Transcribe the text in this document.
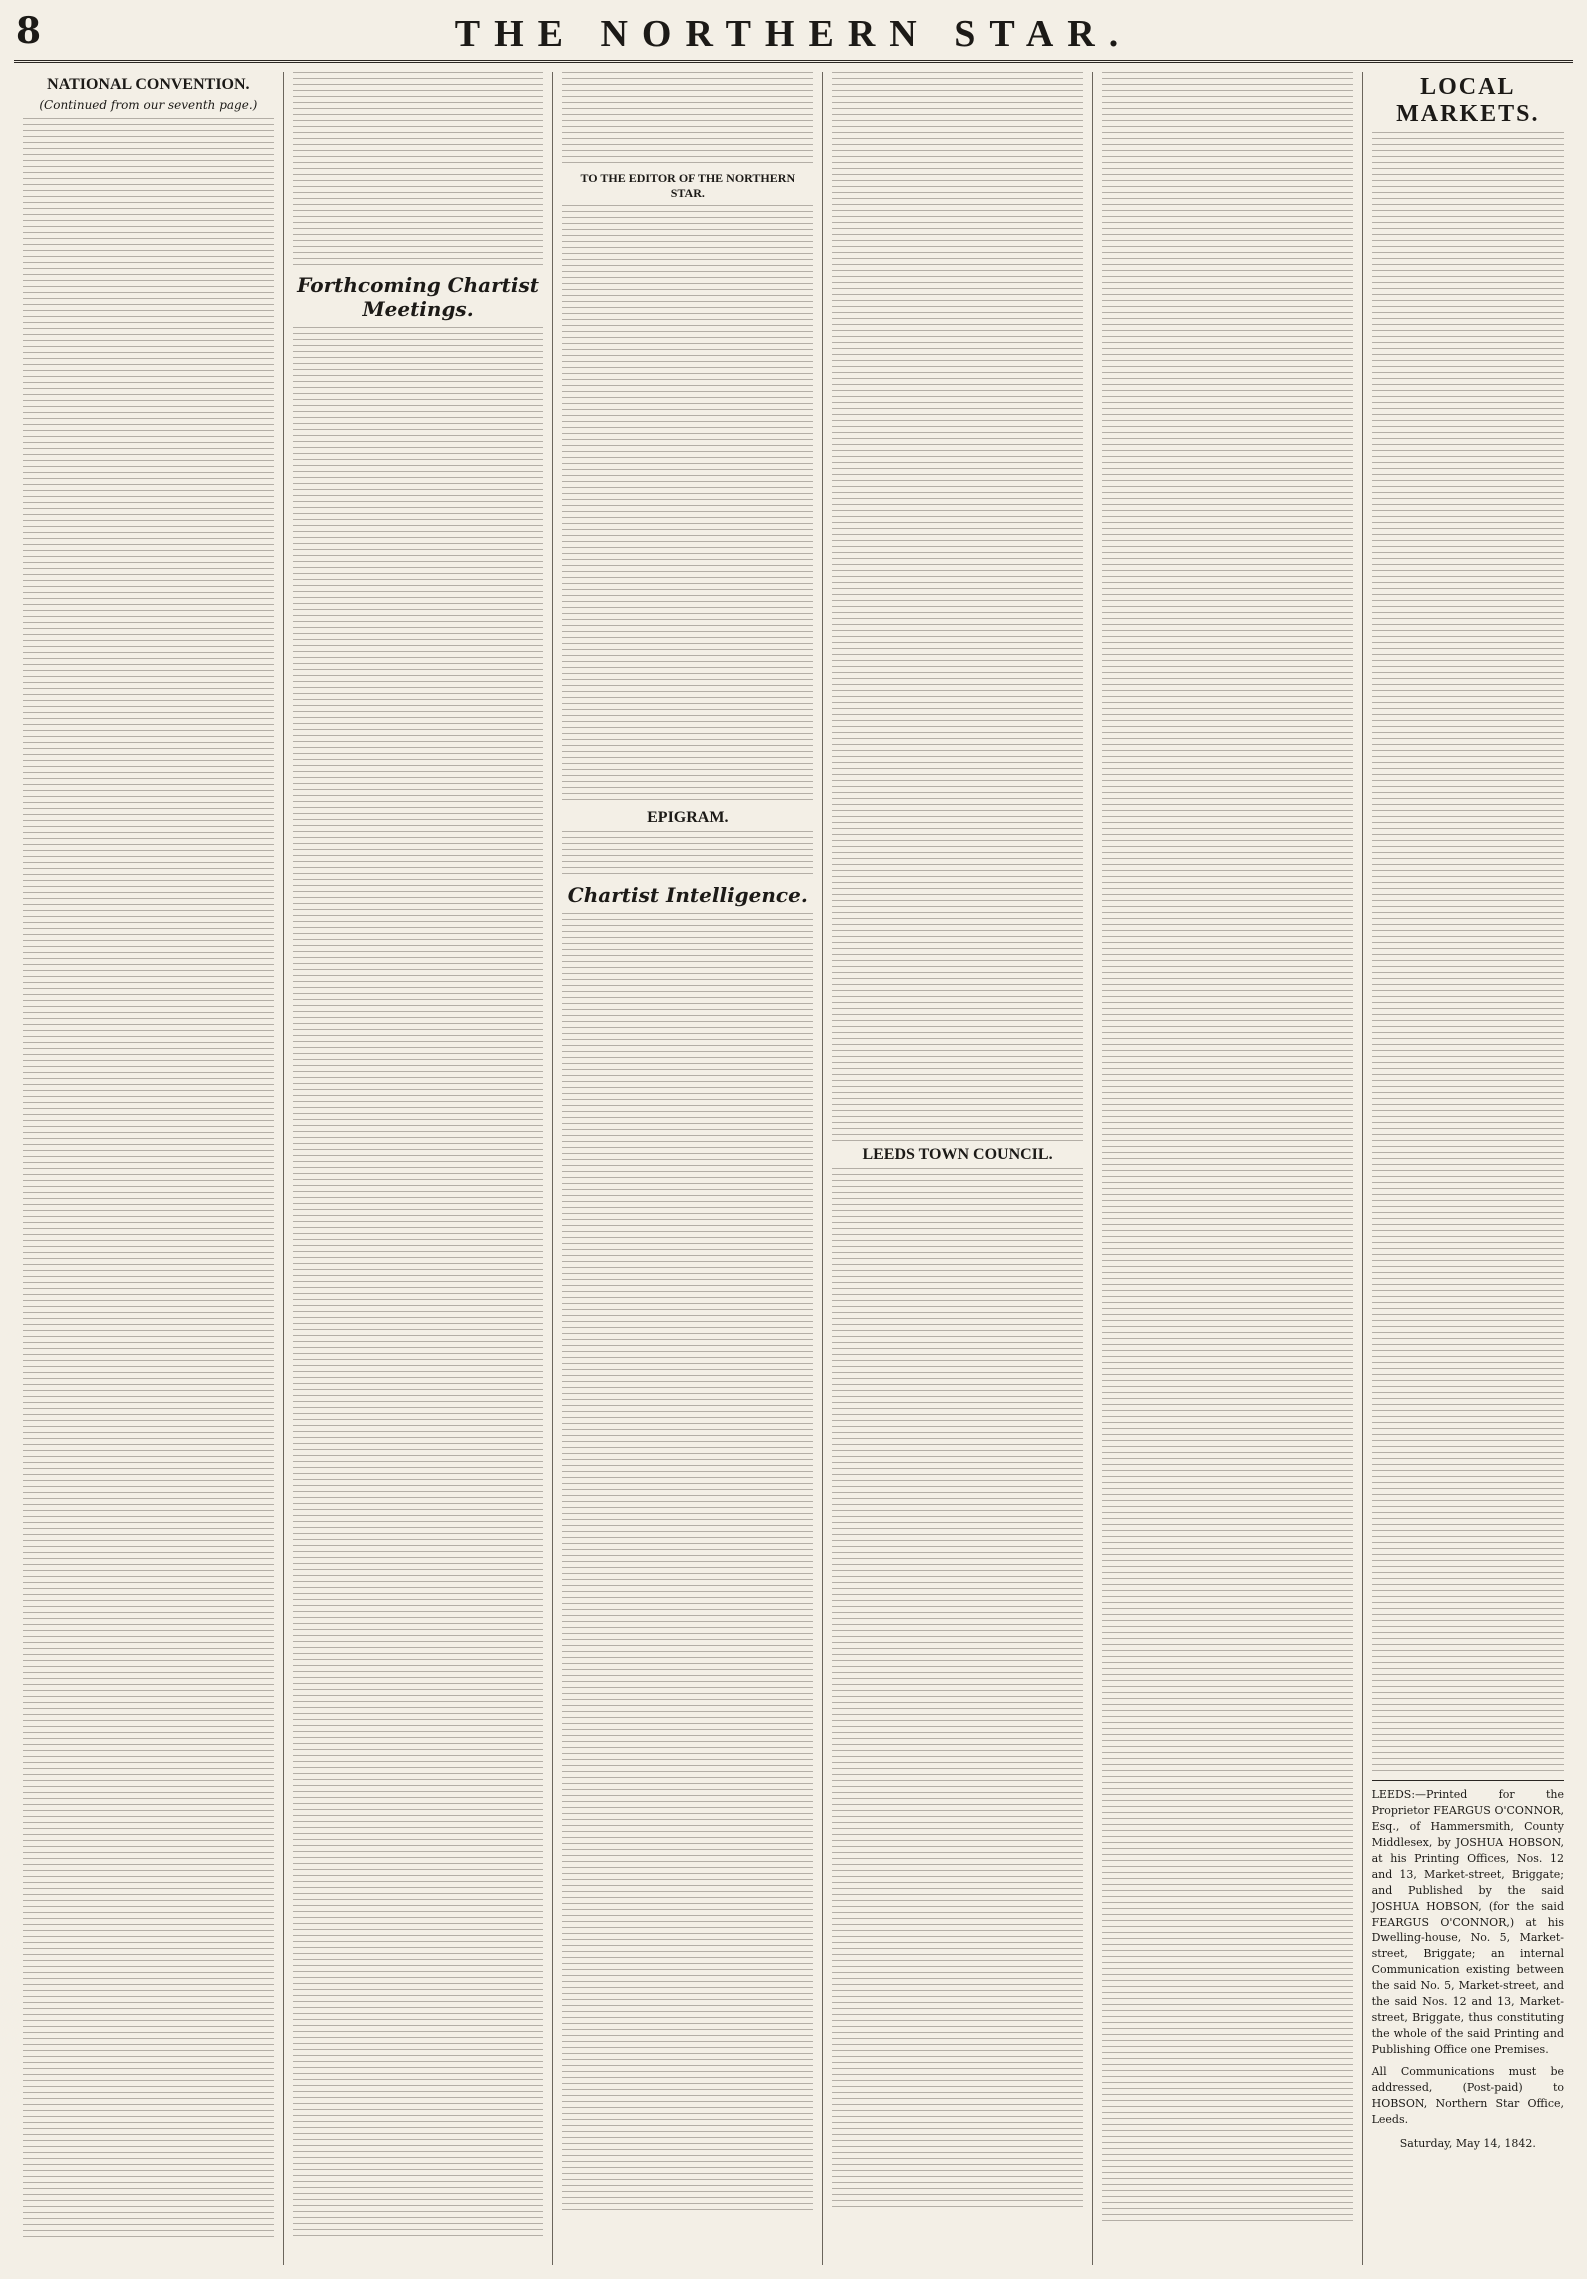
8	THE NORTHERN STAR.
NATIONAL CONVENTION.
(Continued from our seventh page.)
Forthcoming Chartist Meetings.
TO THE EDITOR OF THE NORTHERN STAR.
EPIGRAM.
Chartist Intelligence.
LEEDS TOWN COUNCIL.
LOCAL MARKETS.
LEEDS:—Printed for the Proprietor FEARGUS O'CONNOR, Esq., of Hammersmith, County Middlesex, by JOSHUA HOBSON, at his Printing Offices, Nos. 12 and 13, Market-street, Briggate; and Published by the said JOSHUA HOBSON, (for the said FEARGUS O'CONNOR,) at his Dwelling-house, No. 5, Market-street, Briggate; an internal Communication existing between the said No. 5, Market-street, and the said Nos. 12 and 13, Market-street, Briggate, thus constituting the whole of the said Printing and Publishing Office one Premises.
All Communications must be addressed, (Post-paid) to HOBSON, Northern Star Office, Leeds.
Saturday, May 14, 1842.
